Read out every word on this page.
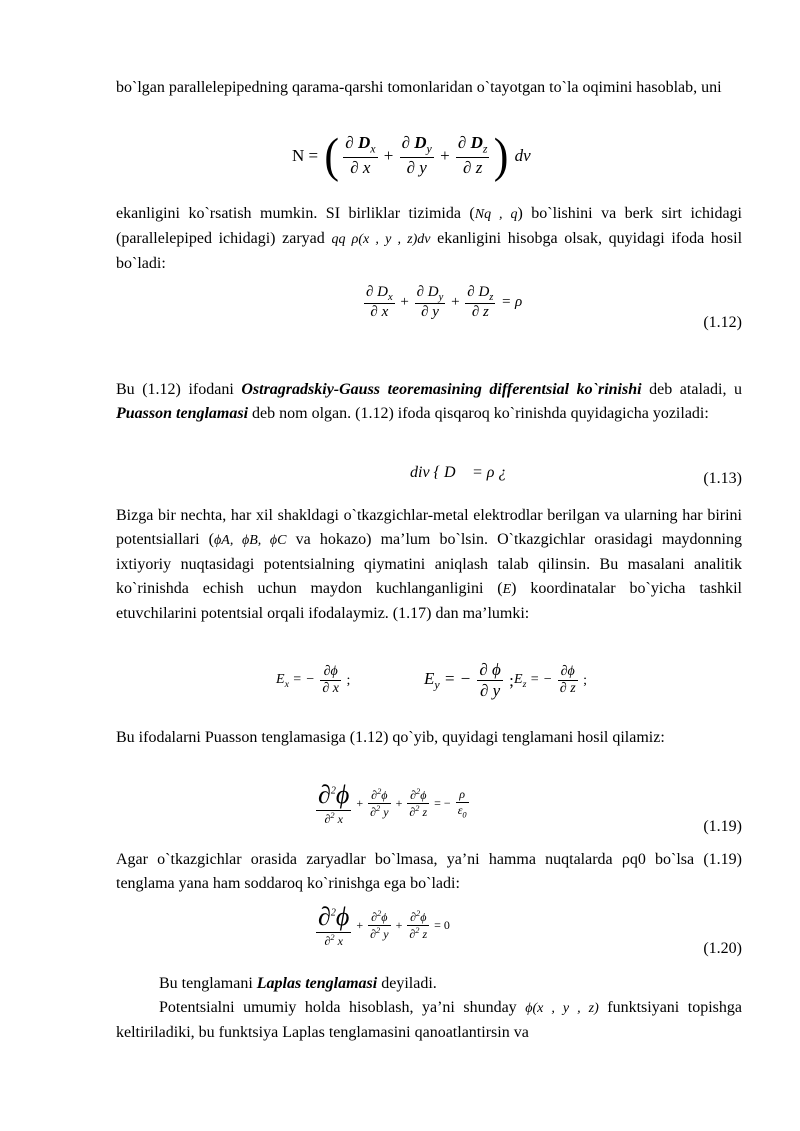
bo`lgan parallelepipedning qarama-qarshi tomonlaridan o`tayotgan to`la oqimini hasoblab, uni

N = ( $\frac{\partial D_x}{\partial x} + \frac{\partial D_y}{\partial y} + \frac{\partial D_z}{\partial z}$ ) dv

ekanligini ko`rsatish mumkin. SI birliklar tizimida (Nq , q) bo`lishini va berk sirt ichidagi (parallelepiped ichidagi) zaryad qq ρ(x , y , z)dv ekanligini hisobga olsak, quyidagi ifoda hosil bo`ladi:

$\frac{\partial D_x}{\partial x} + \frac{\partial D_y}{\partial y} + \frac{\partial D_z}{\partial z} = \rho$
(1.12)

Bu (1.12) ifodani Ostragradskiy-Gauss teoremasining differentsial ko`rinishi deb ataladi, u Puasson tenglamasi deb nom olgan. (1.12) ifoda qisqaroq ko`rinishda quyidagicha yoziladi:

div { D⃗ = ρ ¿	(1.13)

Bizga bir nechta, har xil shakldagi o`tkazgichlar-metal elektrodlar berilgan va ularning har birini potentsiallari (ϕA, ϕB, ϕC va hokazo) ma’lum bo`lsin. O`tkazgichlar orasidagi maydonning ixtiyoriy nuqtasidagi potentsialning qiymatini aniqlash talab qilinsin. Bu masalani analitik ko`rinishda echish uchun maydon kuchlanganligini (E) koordinatalar bo`yicha tashkil etuvchilarini potentsial orqali ifodalaymiz. (1.17) dan ma’lumki:

$E_x$ = − $\frac{\partial\phi}{\partial x}$ ;	$E_y$ = − $\frac{\partial \phi}{\partial y}$ ; $E_z$ = − $\frac{\partial\phi}{\partial z}$ ;

Bu ifodalarni Puasson tenglamasiga (1.12) qo`yib, quyidagi tenglamani hosil qilamiz:

$\frac{\partial^2\phi}{\partial^2 x} + \frac{\partial^2\phi}{\partial^2 y} + \frac{\partial^2\phi}{\partial^2 z}$ = − $\frac{\rho}{\varepsilon_0}$
(1.19)

Agar o`tkazgichlar orasida zaryadlar bo`lmasa, ya’ni hamma nuqtalarda ρq0 bo`lsa (1.19) tenglama yana ham soddaroq ko`rinishga ega bo`ladi:

$\frac{\partial^2\phi}{\partial^2 x} + \frac{\partial^2\phi}{\partial^2 y} + \frac{\partial^2\phi}{\partial^2 z} = 0$
(1.20)

Bu tenglamani Laplas tenglamasi deyiladi.

Potentsialni umumiy holda hisoblash, ya’ni shunday ϕ(x , y , z) funktsiyani topishga keltiriladiki, bu funktsiya Laplas tenglamasini qanoatlantirsin va
